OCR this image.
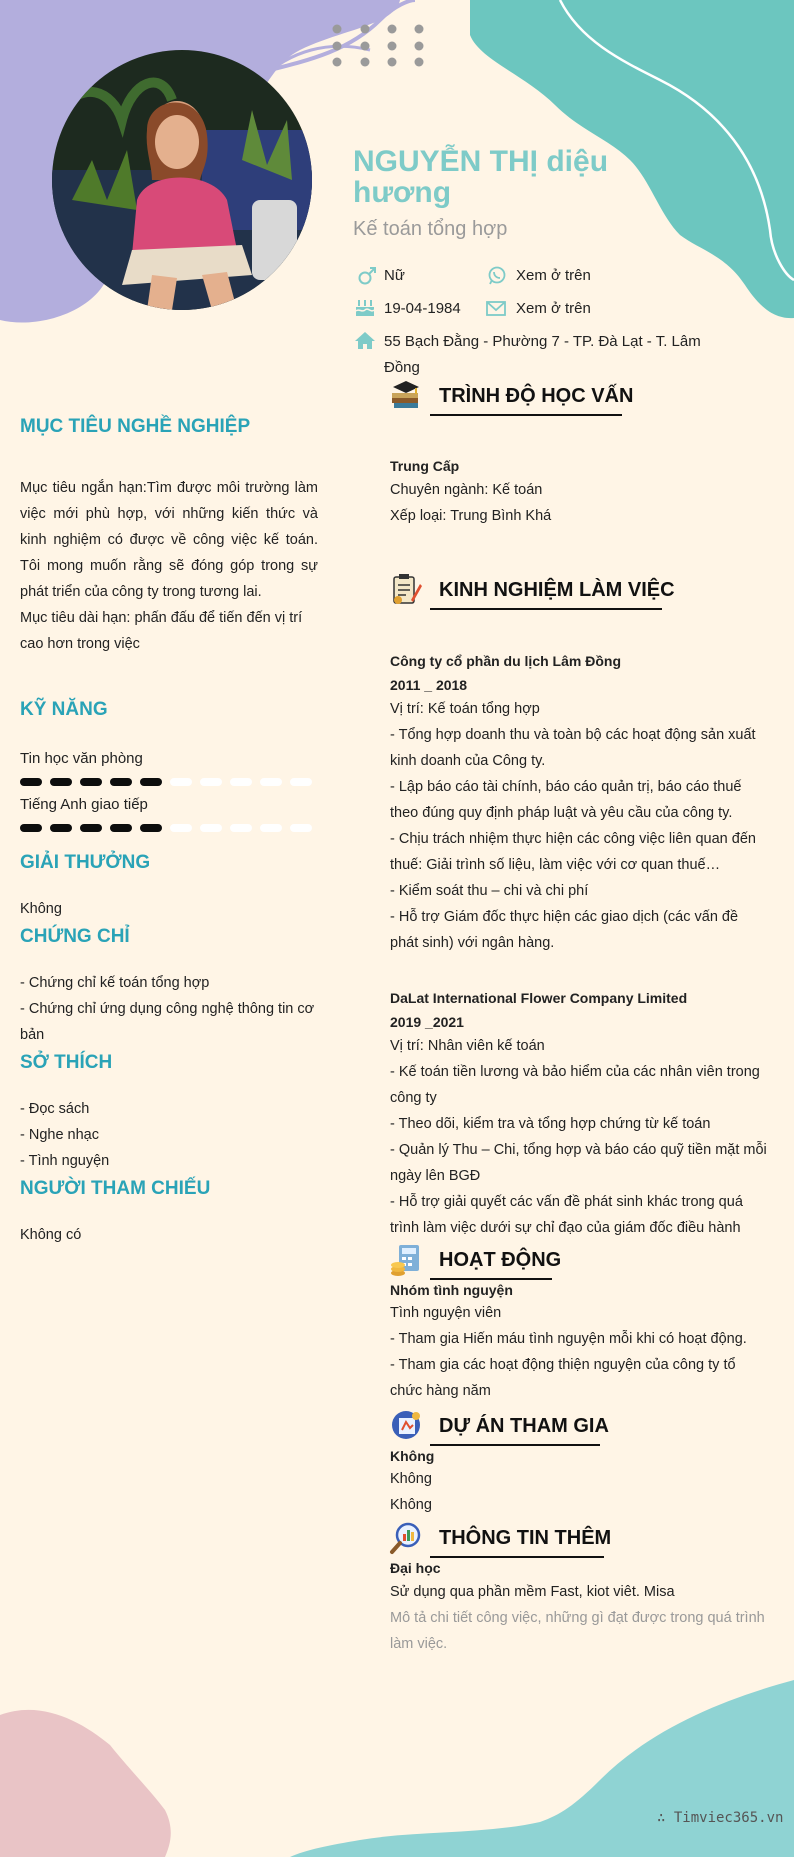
NGUYỄN THỊ diệu hương
Kế toán tổng hợp
Nữ	Xem ở trên
19-04-1984	Xem ở trên
55 Bạch Đằng - Phường 7 - TP. Đà Lạt - T. Lâm Đồng
MỤC TIÊU NGHỀ NGHIỆP
Mục tiêu ngắn hạn:Tìm được môi trường làm việc mới phù hợp, với những kiến thức và kinh nghiệm có được về công việc kế toán. Tôi mong muốn rằng sẽ đóng góp trong sự phát triển của công ty trong tương lai.
Mục tiêu dài hạn: phấn đấu để tiến đến vị trí cao hơn trong việc
KỸ NĂNG
Tin học văn phòng
Tiếng Anh giao tiếp
GIẢI THƯỞNG
Không
CHỨNG CHỈ
- Chứng chỉ kế toán tổng hợp
- Chứng chỉ ứng dụng công nghệ thông tin cơ bản
SỞ THÍCH
- Đọc sách
- Nghe nhạc
- Tình nguyện
NGƯỜI THAM CHIẾU
Không có
TRÌNH ĐỘ HỌC VẤN
Trung Cấp
Chuyên ngành: Kế toán
Xếp loại: Trung Bình Khá
KINH NGHIỆM LÀM VIỆC
Công ty cổ phần du lịch Lâm Đồng
2011 _ 2018
Vị trí: Kế toán tổng hợp
- Tổng hợp doanh thu và toàn bộ các hoạt động sản xuất kinh doanh của Công ty.
- Lập báo cáo tài chính, báo cáo quản trị, báo cáo thuế theo đúng quy định pháp luật và yêu cầu của công ty.
- Chịu trách nhiệm thực hiện các công việc liên quan đến thuế: Giải trình số liệu, làm việc với cơ quan thuế…
- Kiểm soát thu – chi và chi phí
- Hỗ trợ Giám đốc thực hiện các giao dịch (các vấn đề phát sinh) với ngân hàng.
DaLat International Flower Company Limited
2019 _2021
Vị trí: Nhân viên kế toán
- Kế toán tiền lương và bảo hiểm của các nhân viên trong công ty
- Theo dõi, kiểm tra và tổng hợp chứng từ kế toán
- Quản lý Thu – Chi, tổng hợp và báo cáo quỹ tiền mặt mỗi ngày lên BGĐ
- Hỗ trợ giải quyết các vấn đề phát sinh khác trong quá trình làm việc dưới sự chỉ đạo của giám đốc điều hành
HOẠT ĐỘNG
Nhóm tình nguyện
Tình nguyện viên
- Tham gia Hiến máu tình nguyện mỗi khi có hoạt động.
- Tham gia các hoạt động thiện nguyện của công ty tổ chức hàng năm
DỰ ÁN THAM GIA
Không
Không
Không
THÔNG TIN THÊM
Đại học
Sử dụng qua phần mềm Fast, kiot viêt. Misa
Mô tả chi tiết công việc, những gì đạt được trong quá trình làm việc.
∴ Timviec365.vn
